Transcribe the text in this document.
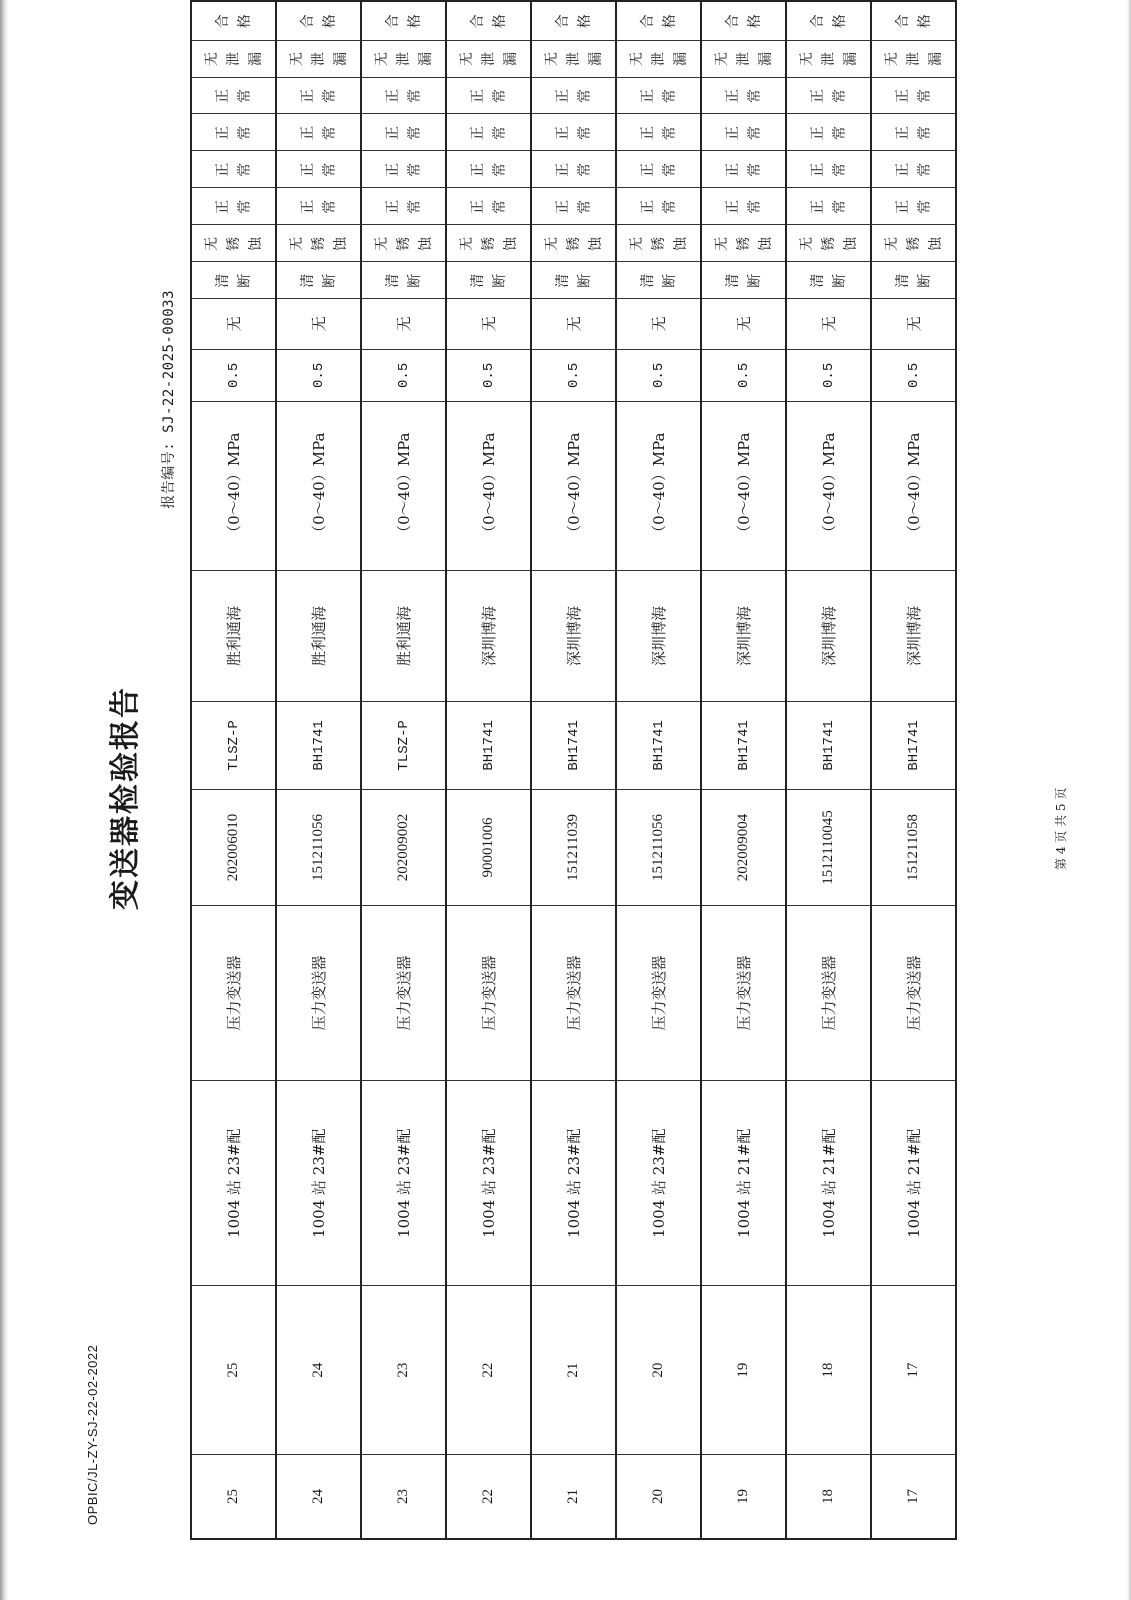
OPBIC/JL-ZY-SJ-22-02-2022
变送器检验报告
报告编号: SJ-22-2025-00033
25	25	1004 站 23#配	压力变送器	202006010	TLSZ-P	胜利通海	（0～40）MPa	0.5	无	清 断	无 锈 蚀	正 常	正 常	正 常	正 常	无 泄 漏	合 格

24	24	1004 站 23#配	压力变送器	151211056	BH1741	胜利通海	（0～40）MPa	0.5	无	清 断	无 锈 蚀	正 常	正 常	正 常	正 常	无 泄 漏	合 格

23	23	1004 站 23#配	压力变送器	202009002	TLSZ-P	胜利通海	（0～40）MPa	0.5	无	清 断	无 锈 蚀	正 常	正 常	正 常	正 常	无 泄 漏	合 格

22	22	1004 站 23#配	压力变送器	90001006	BH1741	深圳博海	（0～40）MPa	0.5	无	清 断	无 锈 蚀	正 常	正 常	正 常	正 常	无 泄 漏	合 格

21	21	1004 站 23#配	压力变送器	151211039	BH1741	深圳博海	（0～40）MPa	0.5	无	清 断	无 锈 蚀	正 常	正 常	正 常	正 常	无 泄 漏	合 格

20	20	1004 站 23#配	压力变送器	151211056	BH1741	深圳博海	（0～40）MPa	0.5	无	清 断	无 锈 蚀	正 常	正 常	正 常	正 常	无 泄 漏	合 格

19	19	1004 站 21#配	压力变送器	202009004	BH1741	深圳博海	（0～40）MPa	0.5	无	清 断	无 锈 蚀	正 常	正 常	正 常	正 常	无 泄 漏	合 格

18	18	1004 站 21#配	压力变送器	1512110045	BH1741	深圳博海	（0～40）MPa	0.5	无	清 断	无 锈 蚀	正 常	正 常	正 常	正 常	无 泄 漏	合 格

17	17	1004 站 21#配	压力变送器	151211058	BH1741	深圳博海	（0～40）MPa	0.5	无	清 断	无 锈 蚀	正 常	正 常	正 常	正 常	无 泄 漏	合 格
第 4 页 共 5 页
